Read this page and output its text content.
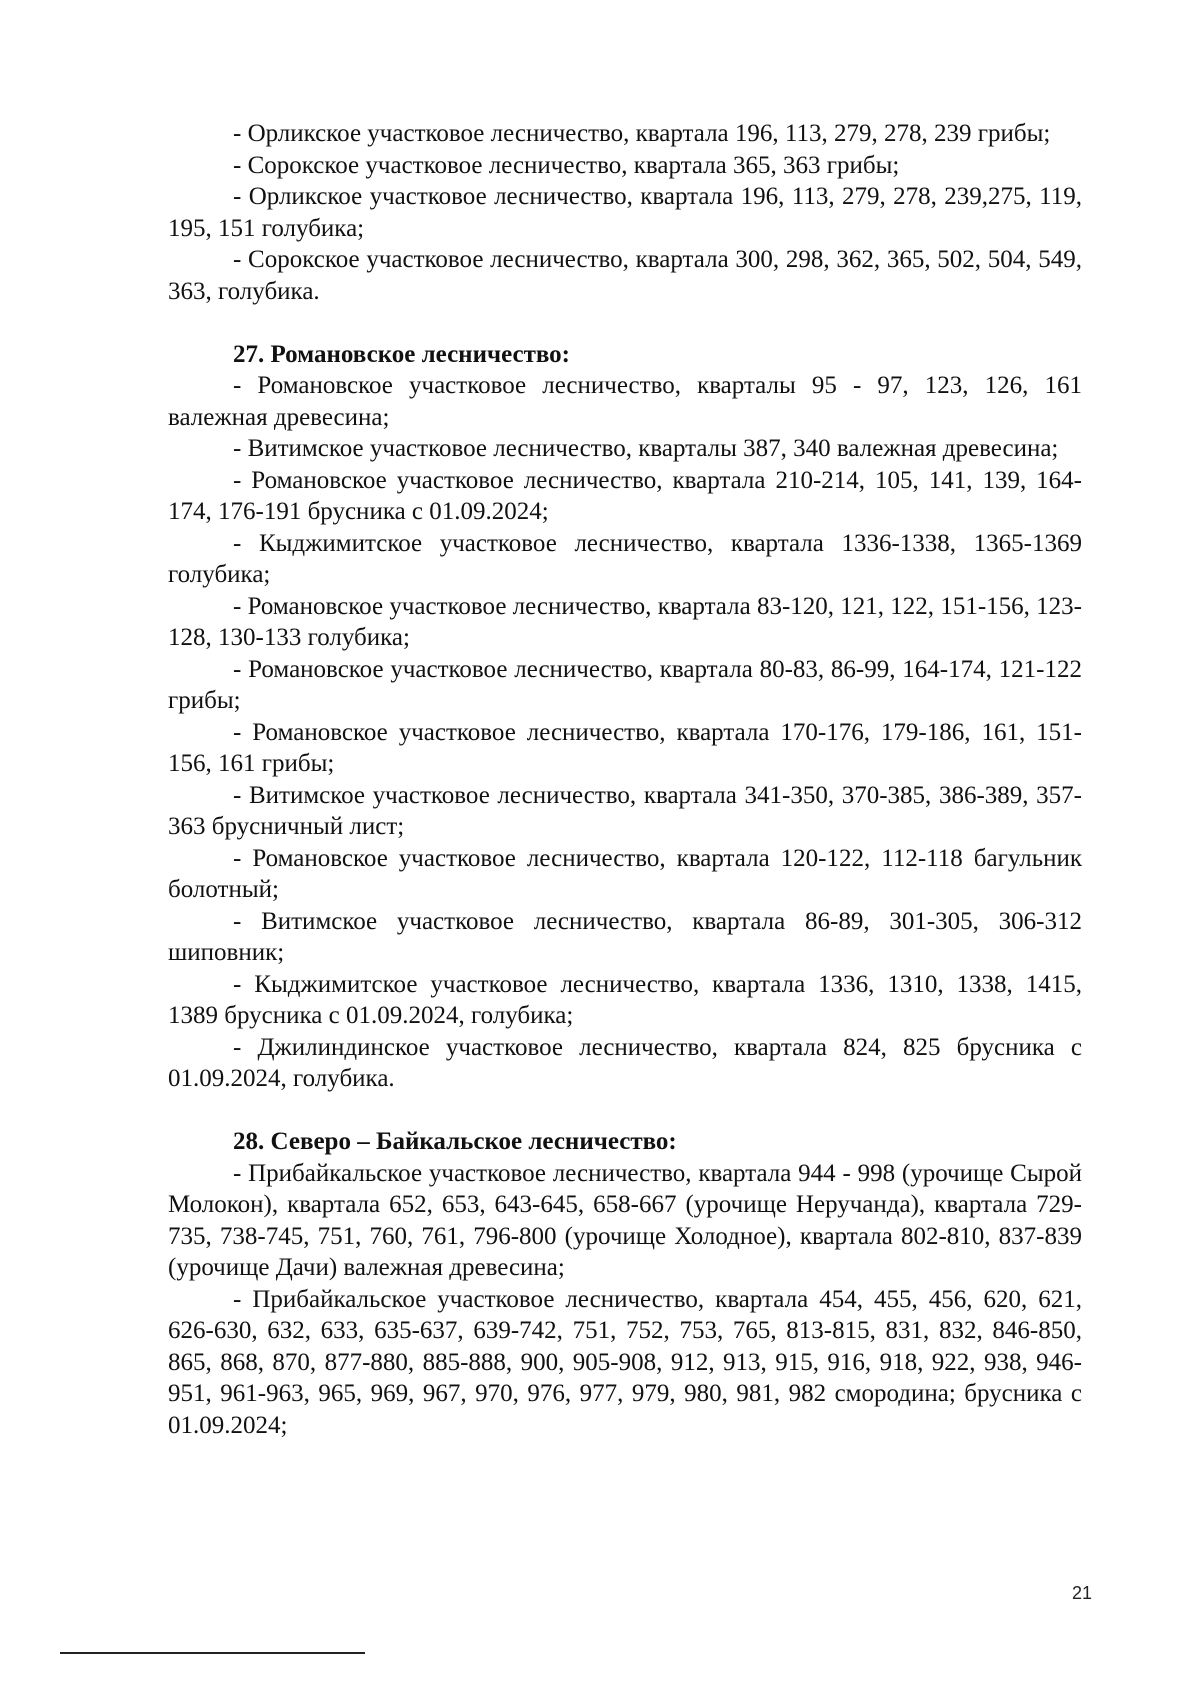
- Орликское участковое лесничество, квартала 196, 113, 279, 278, 239 грибы;

- Сорокское участковое лесничество, квартала 365, 363 грибы;

- Орликское участковое лесничество, квартала 196, 113, 279, 278, 239,275, 119, 195, 151 голубика;

- Сорокское участковое лесничество, квартала 300, 298, 362, 365, 502, 504, 549, 363, голубика.

27. Романовское лесничество:

- Романовское участковое лесничество, кварталы 95 - 97, 123, 126, 161 валежная древесина;

- Витимское участковое лесничество, кварталы 387, 340 валежная древесина;

- Романовское участковое лесничество, квартала 210-214, 105, 141, 139, 164-174, 176-191 брусника с 01.09.2024;

- Кыджимитское участковое лесничество, квартала 1336-1338, 1365-1369 голубика;

- Романовское участковое лесничество, квартала 83-120, 121, 122, 151-156, 123-128, 130-133 голубика;

- Романовское участковое лесничество, квартала 80-83, 86-99, 164-174, 121-122 грибы;

- Романовское участковое лесничество, квартала 170-176, 179-186, 161, 151-156, 161 грибы;

- Витимское участковое лесничество, квартала 341-350, 370-385, 386-389, 357-363 брусничный лист;

- Романовское участковое лесничество, квартала 120-122, 112-118 багульник болотный;

- Витимское участковое лесничество, квартала 86-89, 301-305, 306-312 шиповник;

- Кыджимитское участковое лесничество, квартала 1336, 1310, 1338, 1415, 1389 брусника с 01.09.2024, голубика;

- Джилиндинское участковое лесничество, квартала 824, 825 брусника с 01.09.2024, голубика.

28. Северо – Байкальское лесничество:

- Прибайкальское участковое лесничество, квартала 944 - 998 (урочище Сырой Молокон), квартала 652, 653, 643-645, 658-667 (урочище Неручанда), квартала 729-735, 738-745, 751, 760, 761, 796-800 (урочище Холодное), квартала 802-810, 837-839 (урочище Дачи) валежная древесина;

- Прибайкальское участковое лесничество, квартала 454, 455, 456, 620, 621, 626-630, 632, 633, 635-637, 639-742, 751, 752, 753, 765, 813-815, 831, 832, 846-850, 865, 868, 870, 877-880, 885-888, 900, 905-908, 912, 913, 915, 916, 918, 922, 938, 946-951, 961-963, 965, 969, 967, 970, 976, 977, 979, 980, 981, 982 смородина; брусника с 01.09.2024;

21
